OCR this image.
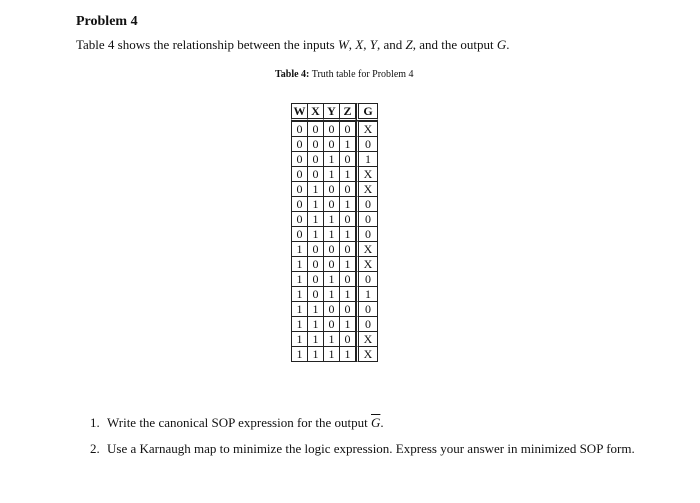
Problem 4
Table 4 shows the relationship between the inputs W, X, Y, and Z, and the output G.
Table 4: Truth table for Problem 4
W	X	Y	Z	G
0	0	0	0	X
0	0	0	1	0
0	0	1	0	1
0	0	1	1	X
0	1	0	0	X
0	1	0	1	0
0	1	1	0	0
0	1	1	1	0
1	0	0	0	X
1	0	0	1	X
1	0	1	0	0
1	0	1	1	1
1	1	0	0	0
1	1	0	1	0
1	1	1	0	X
1	1	1	1	X
1. Write the canonical SOP expression for the output $\overline{G}$.
2. Use a Karnaugh map to minimize the logic expression. Express your answer in minimized SOP form.
